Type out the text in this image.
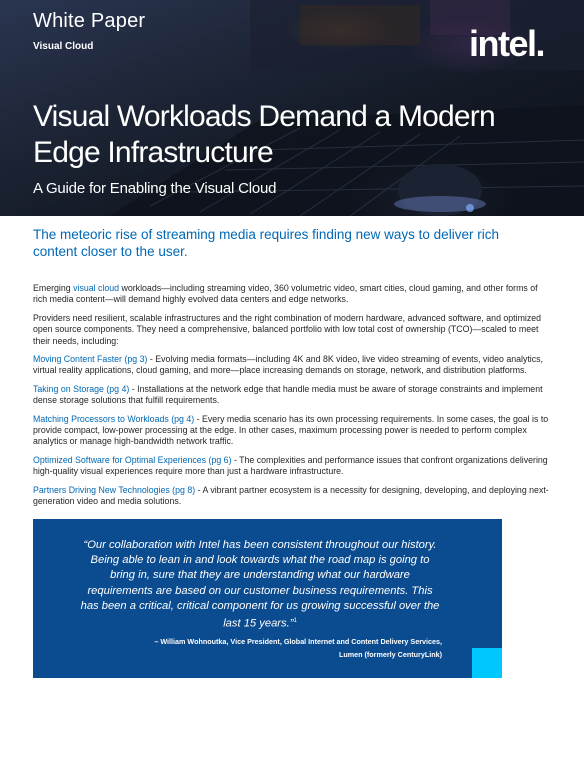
White Paper
Visual Cloud	intel.
Visual Workloads Demand a Modern Edge Infrastructure
A Guide for Enabling the Visual Cloud
The meteoric rise of streaming media requires finding new ways to deliver rich content closer to the user.

Emerging visual cloud workloads—including streaming video, 360 volumetric video, smart cities, cloud gaming, and other forms of rich media content—will demand highly evolved data centers and edge networks.

Providers need resilient, scalable infrastructures and the right combination of modern hardware, advanced software, and optimized open source components. They need a comprehensive, balanced portfolio with low total cost of ownership (TCO)—scaled to meet their needs, including:

Moving Content Faster (pg 3) - Evolving media formats—including 4K and 8K video, live video streaming of events, video analytics, virtual reality applications, cloud gaming, and more—place increasing demands on storage, network, and distribution platforms.

Taking on Storage (pg 4) - Installations at the network edge that handle media must be aware of storage constraints and implement dense storage solutions that fulfill requirements.

Matching Processors to Workloads (pg 4) - Every media scenario has its own processing requirements. In some cases, the goal is to provide compact, low-power processing at the edge. In other cases, maximum processing power is needed to perform complex analytics or manage high-bandwidth network traffic.

Optimized Software for Optimal Experiences (pg 6) - The complexities and performance issues that confront organizations delivering high-quality visual experiences require more than just a hardware infrastructure.

Partners Driving New Technologies (pg 8) - A vibrant partner ecosystem is a necessity for designing, developing, and deploying next-generation video and media solutions.

“Our collaboration with Intel has been consistent throughout our history. Being able to lean in and look towards what the road map is going to bring in, sure that they are understanding what our hardware requirements are based on our customer business requirements. This has been a critical, critical component for us growing successful over the last 15 years.”$^1$

– William Wohnoutka, Vice President, Global Internet and Content Delivery Services,
Lumen (formerly CenturyLink)
